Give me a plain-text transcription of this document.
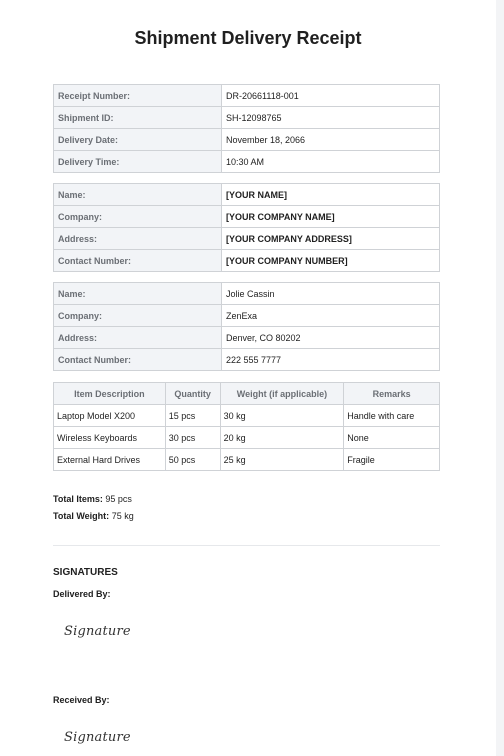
Shipment Delivery Receipt
Receipt Number:	DR-20661118-001
Shipment ID:	SH-12098765
Delivery Date:	November 18, 2066
Delivery Time:	10:30 AM
Name:	[YOUR NAME]
Company:	[YOUR COMPANY NAME]
Address:	[YOUR COMPANY ADDRESS]
Contact Number:	[YOUR COMPANY NUMBER]
Name:	Jolie Cassin
Company:	ZenExa
Address:	Denver, CO 80202
Contact Number:	222 555 7777
Item Description	Quantity	Weight (if applicable)	Remarks
Laptop Model X200	15 pcs	30 kg	Handle with care
Wireless Keyboards	30 pcs	20 kg	None
External Hard Drives	50 pcs	25 kg	Fragile
Total Items: 95 pcs
Total Weight: 75 kg
SIGNATURES
Delivered By:
Signature
Received By:
Signature
